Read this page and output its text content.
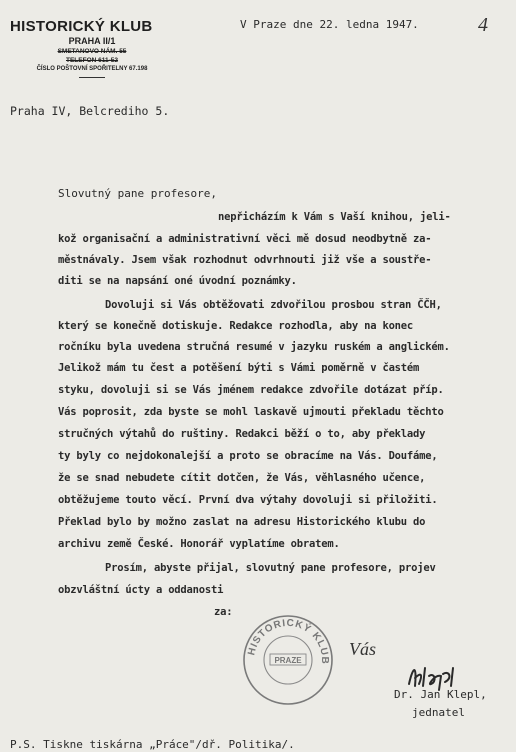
HISTORICKÝ KLUB
PRAHA II/1
SMETANOVO NÁM. 55
TELEFON 611-52
ČÍSLO POŠTOVNÍ SPOŘITELNY 67.198
V Praze dne 22. ledna 1947.	4
Praha IV, Belcrediho 5.
Slovutný pane profesore,
nepřicházím k Vám s Vaší knihou, jeli-
kož organisační a administrativní věci mě dosud neodbytně za-
městnávaly. Jsem však rozhodnut odvrhnouti již vše a soustře-
diti se na napsání oné úvodní poznámky.
Dovoluji si Vás obtěžovati zdvořilou prosbou stran ČČH,
který se konečně dotiskuje. Redakce rozhodla, aby na konec
ročníku byla uvedena stručná resumé v jazyku ruském a anglickém.
Jelikož mám tu čest a potěšení býti s Vámi poměrně v častém
styku, dovoluji si se Vás jménem redakce zdvořile dotázat příp.
Vás poprosit, zda byste se mohl laskavě ujmouti překladu těchto
stručných výtahů do ruštiny. Redakci běží o to, aby překlady
ty byly co nejdokonalejší a proto se obracíme na Vás. Doufáme,
že se snad nebudete cítit dotčen, že Vás, věhlasného učence,
obtěžujeme touto věcí. První dva výtahy dovoluji si přiložiti.
Překlad bylo by možno zaslat na adresu Historického klubu do
archivu země České. Honorář vyplatíme obratem.
Prosím, abyste přijal, slovutný pane profesore, projev
obzvláštní úcty a oddanosti
za:
HISTORICKÝ KLUB
PRAZE
Vás
Dr. Jan Klepl,
jednatel
P.S. Tiskne tiskárna „Práce"/dř. Politika/.
